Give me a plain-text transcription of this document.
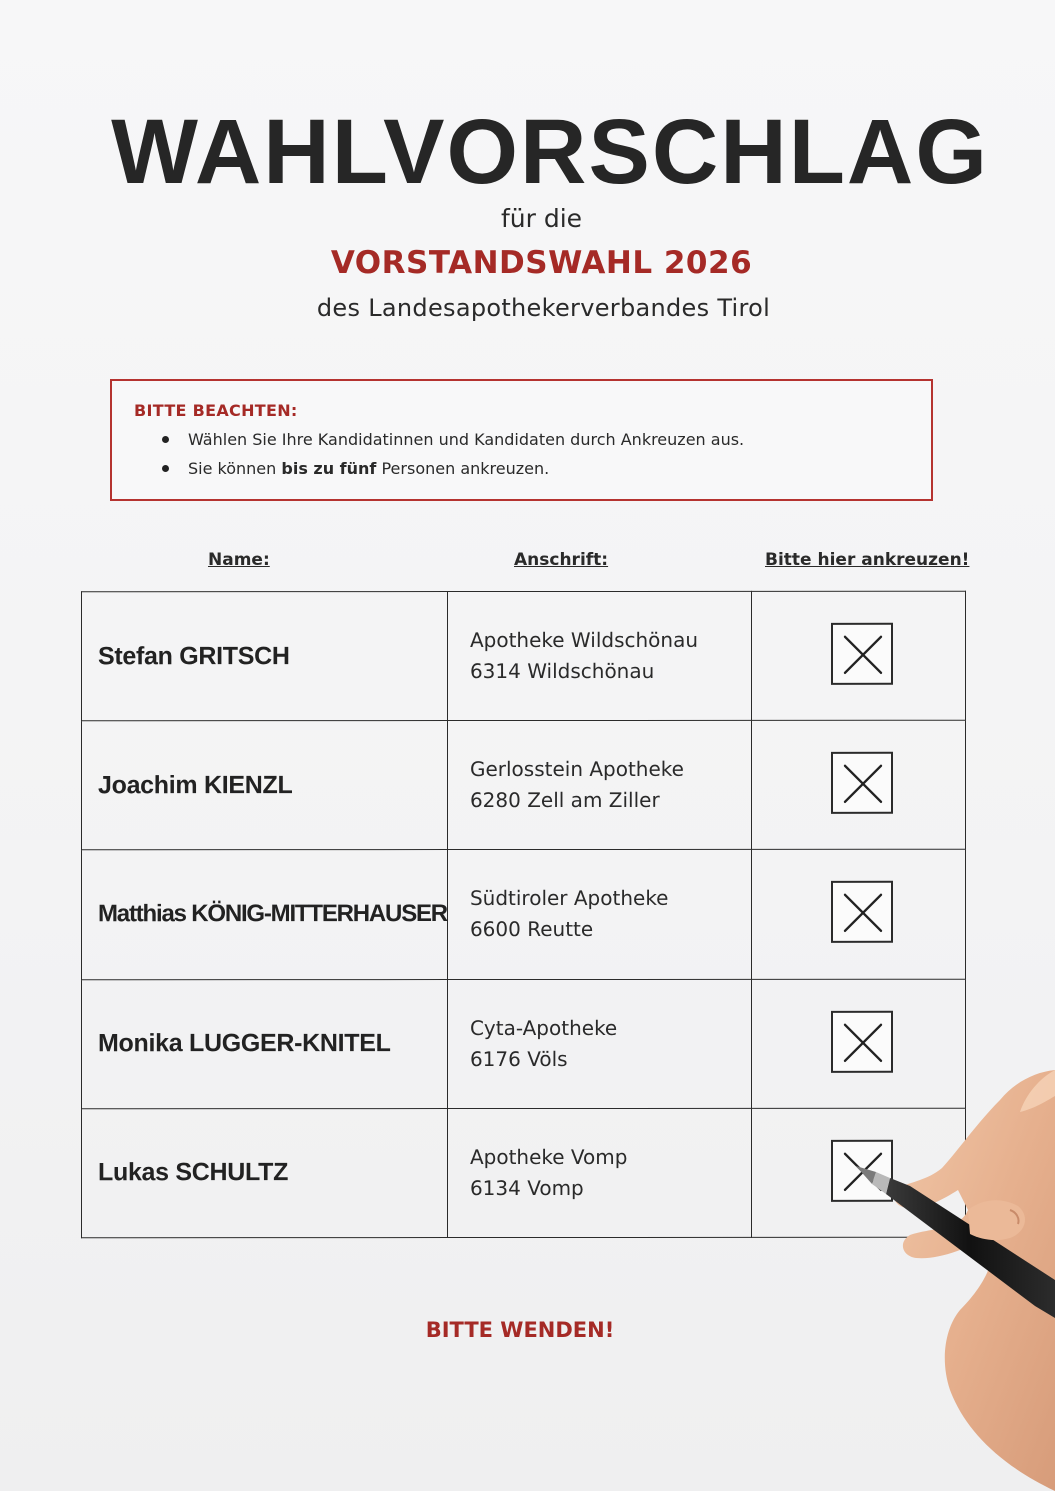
WAHLVORSCHLAG
für die
VORSTANDSWAHL 2026
des Landesapothekerverbandes Tirol
BITTE BEACHTEN:
Wählen Sie Ihre Kandidatinnen und Kandidaten durch Ankreuzen aus.
Sie können bis zu fünf Personen ankreuzen.
Name:	Anschrift:	Bitte hier ankreuzen!
Stefan GRITSCH	Apotheke Wildschönau
6314 Wildschönau

Joachim KIENZL	Gerlosstein Apotheke
6280 Zell am Ziller

Matthias KÖNIG-MITTERHAUSER	Südtiroler Apotheke
6600 Reutte

Monika LUGGER-KNITEL	Cyta-Apotheke
6176 Völs

Lukas SCHULTZ	Apotheke Vomp
6134 Vomp

BITTE WENDEN!
